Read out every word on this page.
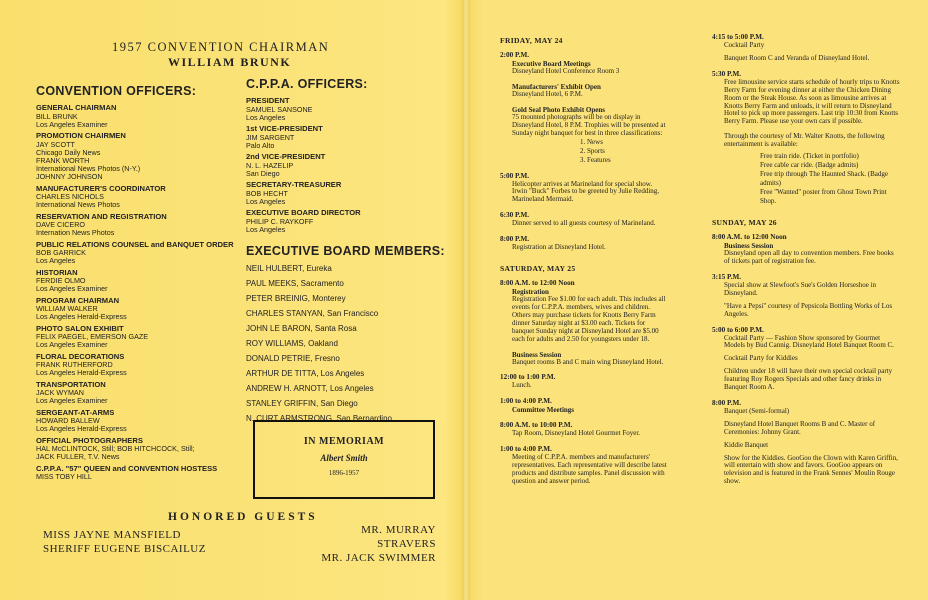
1957 CONVENTION CHAIRMAN
WILLIAM BRUNK
CONVENTION OFFICERS:
GENERAL CHAIRMAN
BILL BRUNK
Los Angeles Examiner
PROMOTION CHAIRMEN
JAY SCOTT
Chicago Daily News
FRANK WORTH
International News Photos (N-Y.)
JOHNNY JOHNSON
MANUFACTURER'S COORDINATOR
CHARLES NICHOLS
International News Photos
RESERVATION AND REGISTRATION
DAVE CICERO
Internation News Photos
PUBLIC RELATIONS COUNSEL and BANQUET ORDER
BOB GARRICK
Los Angeles
HISTORIAN
FERDIE OLMO
Los Angeles Examiner
PROGRAM CHAIRMAN
WILLIAM WALKER
Los Angeles Herald-Express
PHOTO SALON EXHIBIT
FELIX PAEGEL, EMERSON GAZE
Los Angeles Examiner
FLORAL DECORATIONS
FRANK RUTHERFORD
Los Angeles Herald-Express
TRANSPORTATION
JACK WYMAN
Los Angeles Examiner
SERGEANT-AT-ARMS
HOWARD BALLEW
Los Angeles Herald-Express
OFFICIAL PHOTOGRAPHERS
HAL McCLINTOCK, Still; BOB HITCHCOCK, Still;
JACK FULLER, T.V. News
C.P.P.A. "57" QUEEN and CONVENTION HOSTESS
MISS TOBY HILL
C.P.P.A. OFFICERS:
PRESIDENT
SAMUEL SANSONE
Los Angeles
1st VICE-PRESIDENT
JIM SARGENT
Palo Alto
2nd VICE-PRESIDENT
N. L. HAZELIP
San Diego
SECRETARY-TREASURER
BOB HECHT
Los Angeles
EXECUTIVE BOARD DIRECTOR
PHILIP C. RAYKOFF
Los Angeles
EXECUTIVE BOARD MEMBERS:
NEIL HULBERT, Eureka
PAUL MEEKS, Sacramento
PETER BREINIG, Monterey
CHARLES STANYAN, San Francisco
JOHN LE BARON, Santa Rosa
ROY WILLIAMS, Oakland
DONALD PETRIE, Fresno
ARTHUR DE TITTA, Los Angeles
ANDREW H. ARNOTT, Los Angeles
STANLEY GRIFFIN, San Diego
N. CURT ARMSTRONG, San Bernardino
IN MEMORIAM
Albert Smith
1896-1957
HONORED GUESTS
MISS JAYNE MANSFIELD
SHERIFF EUGENE BISCAILUZ
MR. MURRAY STRAVERS
MR. JACK SWIMMER
FRIDAY, MAY 24
2:00 P.M.
Executive Board Meetings
Disneyland Hotel Conference Room 3
Manufacturers' Exhibit Open
Disneyland Hotel, 6 P.M.
Gold Seal Photo Exhibit Opens
75 mounted photographs will be on display in Disneyland Hotel, 8 P.M. Trophies will be presented at Sunday night banquet for best in three classifications:
1. News
2. Sports
3. Features
5:00 P.M.
Helicopter arrives at Marineland for special show. Irwin "Buck" Forbes to be greeted by Julie Redding, Marineland Mermaid.
6:30 P.M.
Dinner served to all guests courtesy of Marineland.
8:00 P.M.
Registration at Disneyland Hotel.
SATURDAY, MAY 25
8:00 A.M. to 12:00 Noon
Registration
Registration Fee $1.00 for each adult. This includes all events for C.P.P.A. members, wives and children. Others may purchase tickets for Knotts Berry Farm dinner Saturday night at $3.00 each. Tickets for banquet Sunday night at Disneyland Hotel are $5.00 each for adults and 2.50 for youngsters under 18.
Business Session
Banquet rooms B and C main wing Disneyland Hotel.
12:00 to 1:00 P.M.
Lunch.
1:00 to 4:00 P.M.
Committee Meetings
8:00 A.M. to 10:00 P.M.
Tap Room, Disneyland Hotel Gourmet Foyer.
1:00 to 4:00 P.M.
Meeting of C.P.P.A. members and manufacturers' representatives. Each representative will describe latest products and distribute samples. Panel discussion with question and answer period.
4:15 to 5:00 P.M.
Cocktail Party
Banquet Room C and Veranda of Disneyland Hotel.
5:30 P.M.
Free limousine service starts schedule of hourly trips to Knotts Berry Farm for evening dinner at either the Chicken Dining Room or the Steak House. As soon as limousine arrives at Knotts Berry Farm and unloads, it will return to Disneyland Hotel to pick up more passengers. Last trip 10:30 from Knotts Berry Farm. Please use your own cars if possible.
Through the courtesy of Mr. Walter Knotts, the following entertainment is available:
Free train ride. (Ticket in portfolio)
Free cable car ride. (Badge admits)
Free trip through The Haunted Shack. (Badge admits)
Free "Wanted" poster from Ghost Town Print Shop.
SUNDAY, MAY 26
8:00 A.M. to 12:00 Noon
Business Session
Disneyland open all day to convention members. Free books of tickets part of registration fee.
3:15 P.M.
Special show at Slewfoot's Sue's Golden Horseshoe in Disneyland.
"Have a Pepsi" courtesy of Pepsicola Bottling Works of Los Angeles.
5:00 to 6:00 P.M.
Cocktail Party — Fashion Show sponsored by Gourmet Models by Bud Cannig. Disneyland Hotel Banquet Room C.
Cocktail Party for Kiddies
Children under 18 will have their own special cocktail party featuring Roy Rogers Specials and other fancy drinks in Banquet Room A.
8:00 P.M.
Banquet (Semi-formal)
Disneyland Hotel Banquet Rooms B and C. Master of Ceremonies: Johnny Grant.
Kiddie Banquet
Show for the Kiddies. GooGoo the Clown with Karen Griffin, will entertain with show and favors. GooGoo appears on television and is featured in the Frank Sennes' Moulin Rouge show.
